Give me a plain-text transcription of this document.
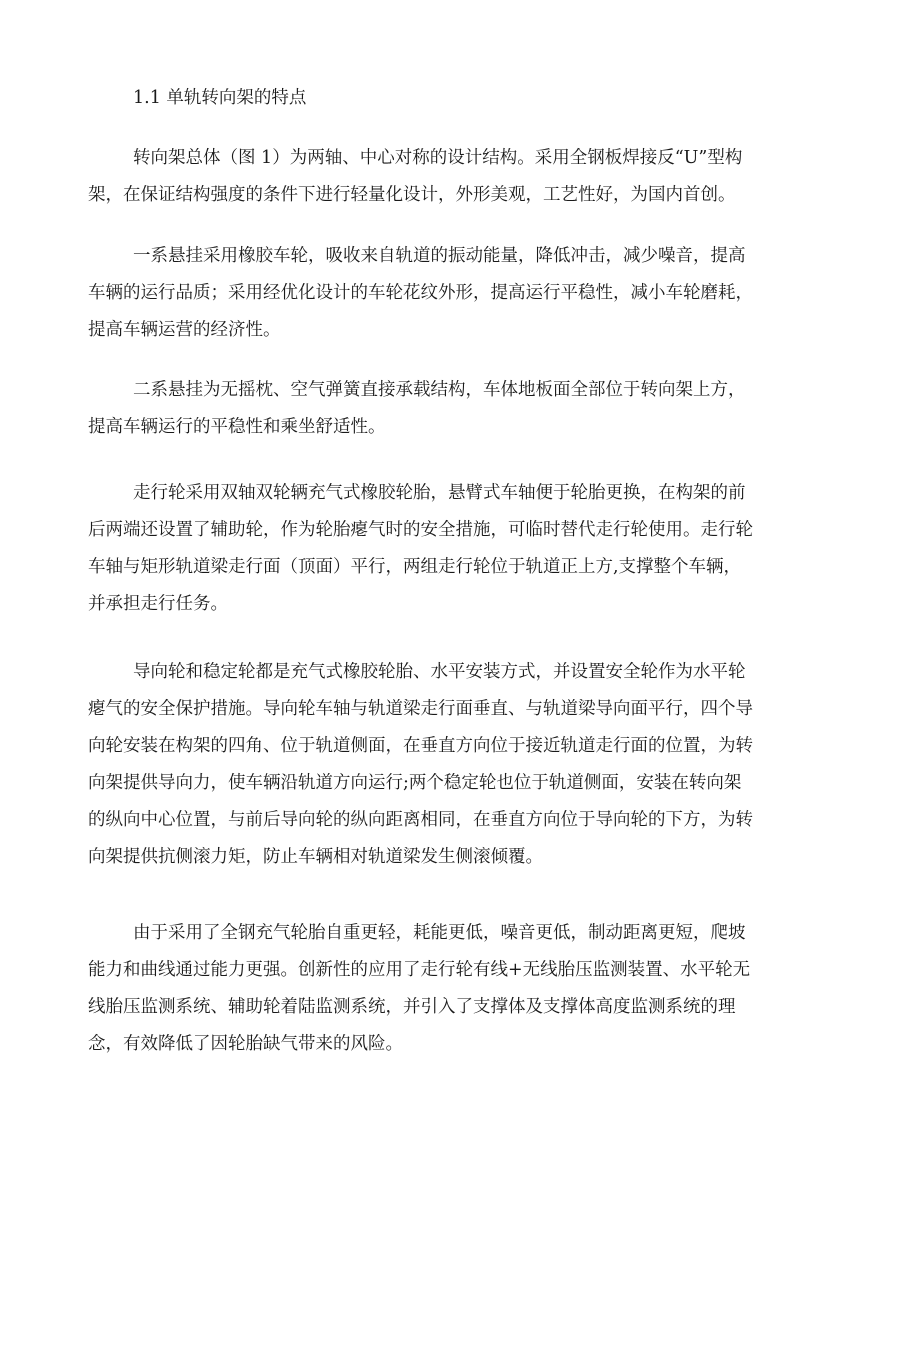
1.1 单轨转向架的特点
转向架总体（图 1）为两轴、中心对称的设计结构。采用全钢板焊接反“U”型构
架，在保证结构强度的条件下进行轻量化设计，外形美观，工艺性好，为国内首创。
一系悬挂采用橡胶车轮，吸收来自轨道的振动能量，降低冲击，减少噪音，提高
车辆的运行品质；采用经优化设计的车轮花纹外形，提高运行平稳性，减小车轮磨耗，
提高车辆运营的经济性。
二系悬挂为无摇枕、空气弹簧直接承载结构，车体地板面全部位于转向架上方，
提高车辆运行的平稳性和乘坐舒适性。
走行轮采用双轴双轮辆充气式橡胶轮胎，悬臂式车轴便于轮胎更换，在构架的前
后两端还设置了辅助轮，作为轮胎瘪气时的安全措施，可临时替代走行轮使用。走行轮
车轴与矩形轨道梁走行面（顶面）平行，两组走行轮位于轨道正上方,支撑整个车辆，
并承担走行任务。
导向轮和稳定轮都是充气式橡胶轮胎、水平安装方式，并设置安全轮作为水平轮
瘪气的安全保护措施。导向轮车轴与轨道梁走行面垂直、与轨道梁导向面平行，四个导
向轮安装在构架的四角、位于轨道侧面，在垂直方向位于接近轨道走行面的位置，为转
向架提供导向力，使车辆沿轨道方向运行;两个稳定轮也位于轨道侧面，安装在转向架
的纵向中心位置，与前后导向轮的纵向距离相同，在垂直方向位于导向轮的下方，为转
向架提供抗侧滚力矩，防止车辆相对轨道梁发生侧滚倾覆。
由于采用了全钢充气轮胎自重更轻，耗能更低，噪音更低，制动距离更短，爬坡
能力和曲线通过能力更强。创新性的应用了走行轮有线+无线胎压监测装置、水平轮无
线胎压监测系统、辅助轮着陆监测系统，并引入了支撑体及支撑体高度监测系统的理
念，有效降低了因轮胎缺气带来的风险。
